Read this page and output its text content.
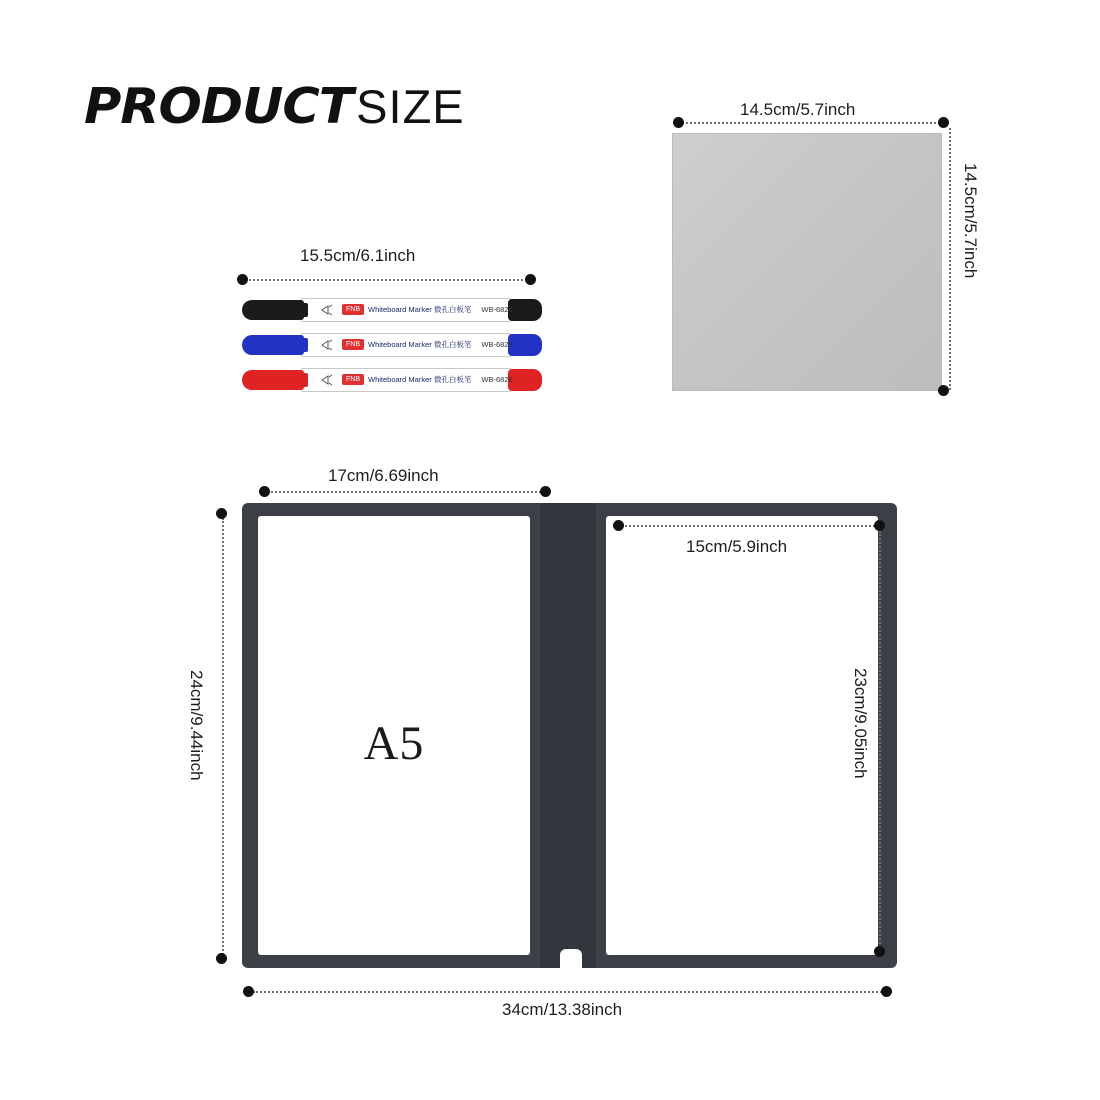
PRODUCT SIZE
15.5cm/6.1inch
FNB	Whiteboard Marker 微孔白板笔 WB-6826
FNB	Whiteboard Marker 微孔白板笔 WB-6826
FNB	Whiteboard Marker 微孔白板笔 WB-6826
14.5cm/5.7inch
14.5cm/5.7inch
A5
17cm/6.69inch
24cm/9.44inch
34cm/13.38inch
15cm/5.9inch
23cm/9.05inch
